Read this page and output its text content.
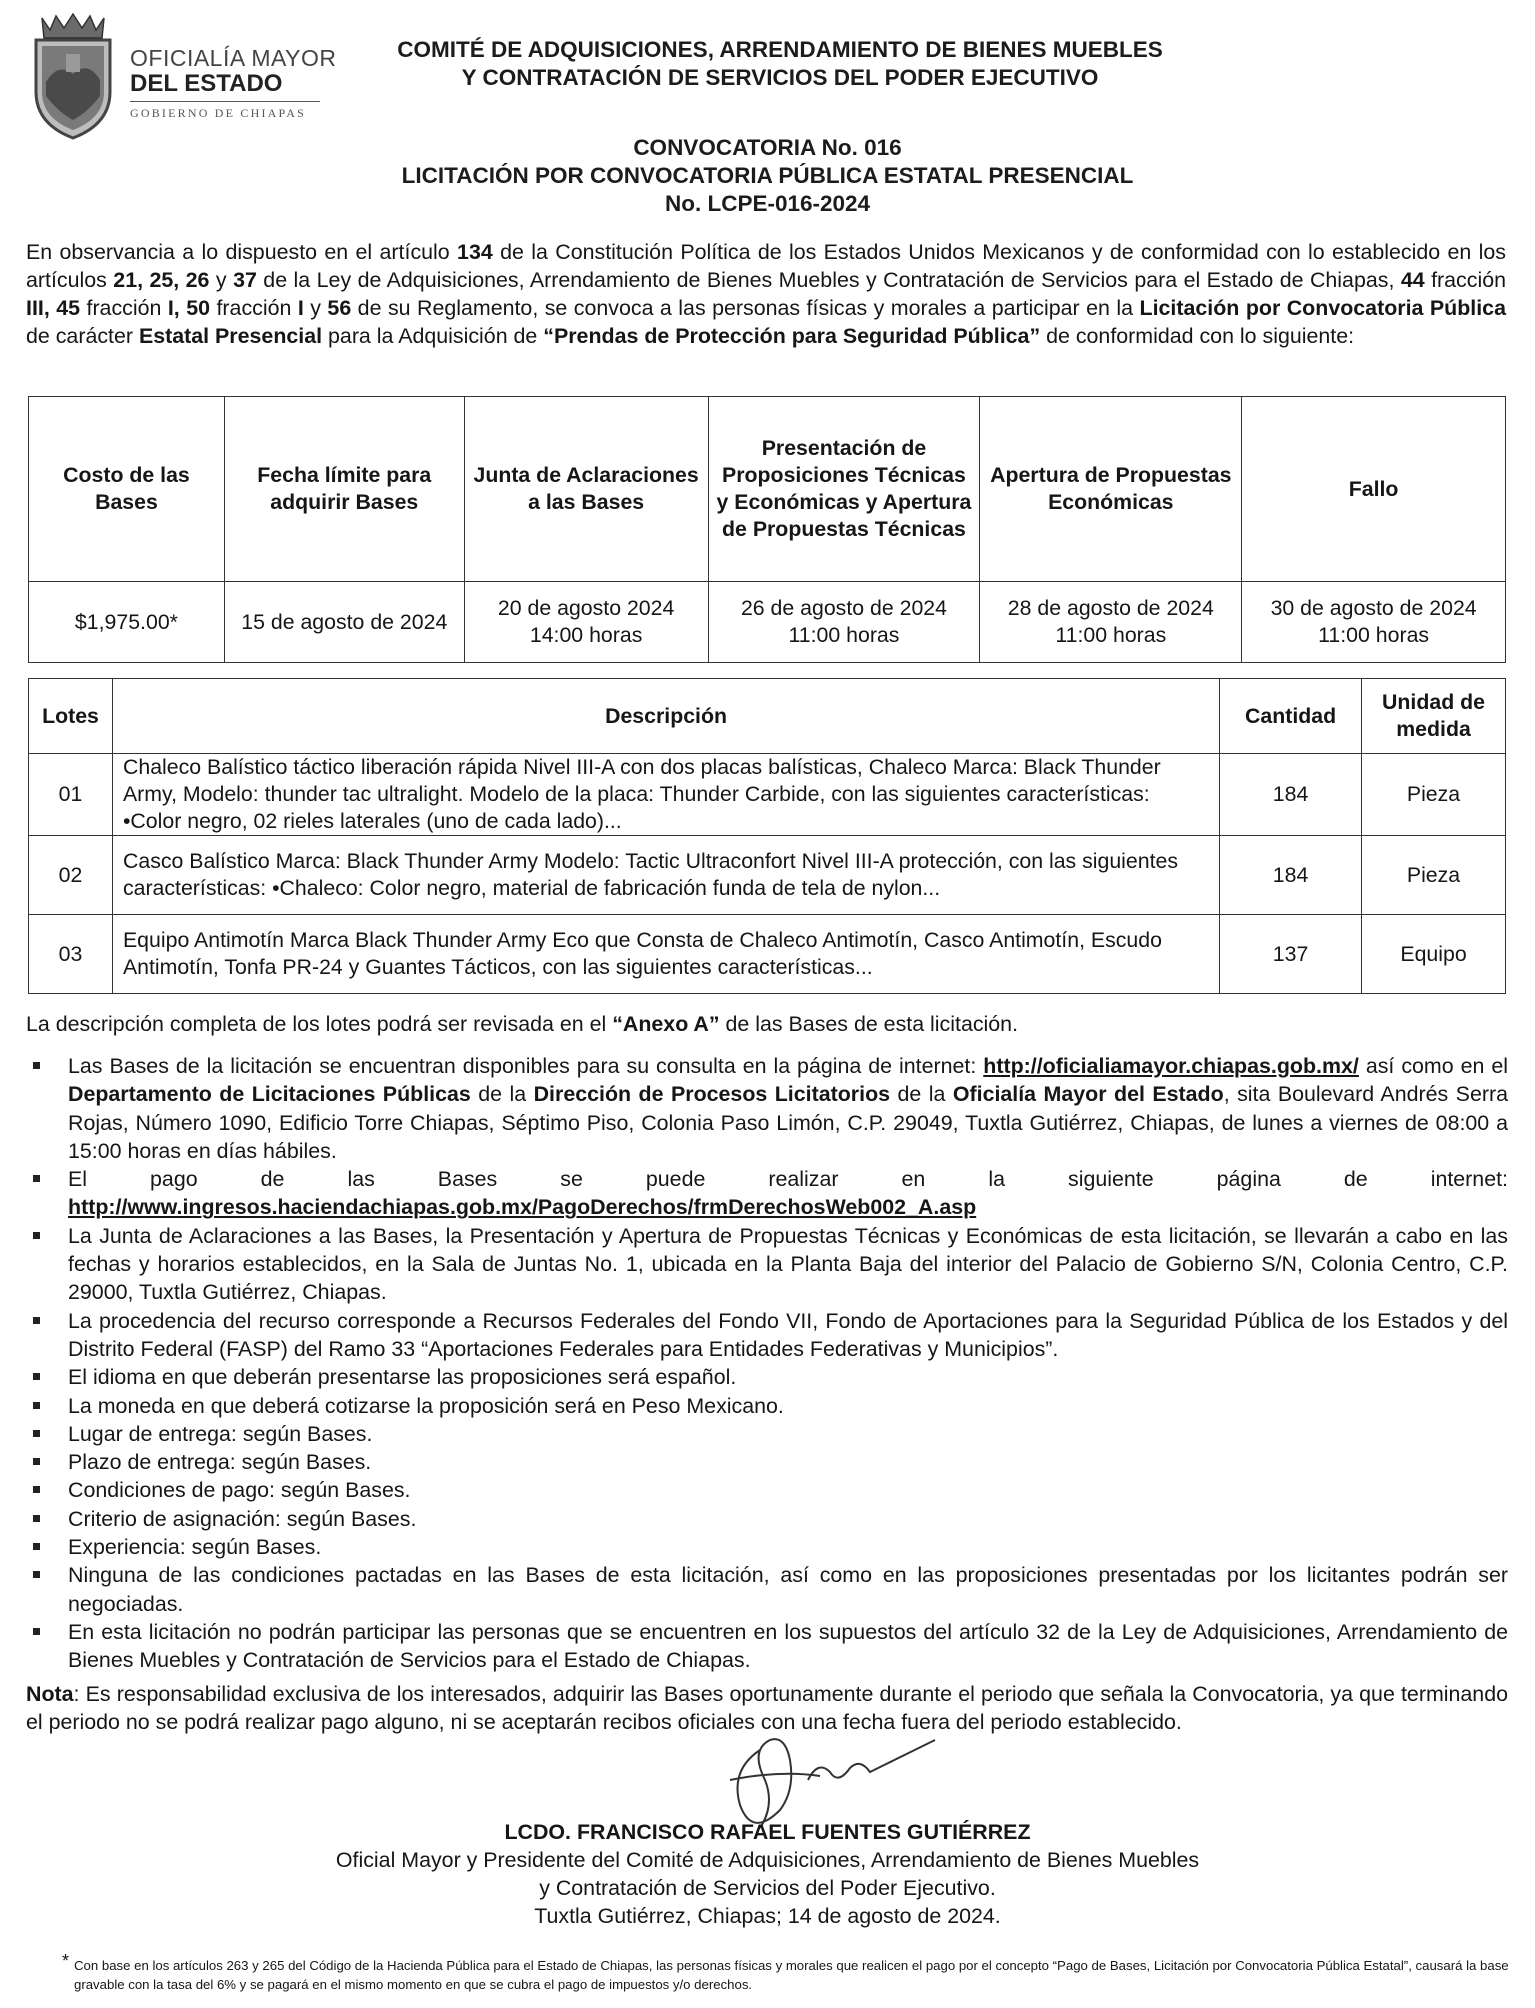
OFICIALÍA MAYOR
DEL ESTADO
GOBIERNO DE CHIAPAS
COMITÉ DE ADQUISICIONES, ARRENDAMIENTO DE BIENES MUEBLES
Y CONTRATACIÓN DE SERVICIOS DEL PODER EJECUTIVO
CONVOCATORIA No. 016
LICITACIÓN POR CONVOCATORIA PÚBLICA ESTATAL PRESENCIAL
No. LCPE-016-2024
En observancia a lo dispuesto en el artículo 134 de la Constitución Política de los Estados Unidos Mexicanos y de conformidad con lo establecido en los artículos 21, 25, 26 y 37 de la Ley de Adquisiciones, Arrendamiento de Bienes Muebles y Contratación de Servicios para el Estado de Chiapas, 44 fracción III, 45 fracción I, 50 fracción I y 56 de su Reglamento, se convoca a las personas físicas y morales a participar en la Licitación por Convocatoria Pública de carácter Estatal Presencial para la Adquisición de “Prendas de Protección para Seguridad Pública” de conformidad con lo siguiente:
Costo de las Bases	Fecha límite para adquirir Bases	Junta de Aclaraciones a las Bases	Presentación de Proposiciones Técnicas y Económicas y Apertura de Propuestas Técnicas	Apertura de Propuestas Económicas	Fallo
$1,975.00*	15 de agosto de 2024	20 de agosto 2024 14:00 horas	26 de agosto de 2024 11:00 horas	28 de agosto de 2024 11:00 horas	30 de agosto de 2024 11:00 horas
Lotes	Descripción	Cantidad	Unidad de medida
01	Chaleco Balístico táctico liberación rápida Nivel III-A con dos placas balísticas, Chaleco Marca: Black Thunder Army, Modelo: thunder tac ultralight. Modelo de la placa: Thunder Carbide, con las siguientes características: •Color negro, 02 rieles laterales (uno de cada lado)...	184	Pieza
02	Casco Balístico Marca: Black Thunder Army Modelo: Tactic Ultraconfort Nivel III-A protección, con las siguientes características: •Chaleco: Color negro, material de fabricación funda de tela de nylon...	184	Pieza
03	Equipo Antimotín Marca Black Thunder Army Eco que Consta de Chaleco Antimotín, Casco Antimotín, Escudo Antimotín, Tonfa PR-24 y Guantes Tácticos, con las siguientes características...	137	Equipo
La descripción completa de los lotes podrá ser revisada en el “Anexo A” de las Bases de esta licitación.
Las Bases de la licitación se encuentran disponibles para su consulta en la página de internet: http://oficialiamayor.chiapas.gob.mx/ así como en el Departamento de Licitaciones Públicas de la Dirección de Procesos Licitatorios de la Oficialía Mayor del Estado, sita Boulevard Andrés Serra Rojas, Número 1090, Edificio Torre Chiapas, Séptimo Piso, Colonia Paso Limón, C.P. 29049, Tuxtla Gutiérrez, Chiapas, de lunes a viernes de 08:00 a 15:00 horas en días hábiles.
El pago de las Bases se puede realizar en la siguiente página de internet: http://www.ingresos.haciendachiapas.gob.mx/PagoDerechos/frmDerechosWeb002_A.asp
La Junta de Aclaraciones a las Bases, la Presentación y Apertura de Propuestas Técnicas y Económicas de esta licitación, se llevarán a cabo en las fechas y horarios establecidos, en la Sala de Juntas No. 1, ubicada en la Planta Baja del interior del Palacio de Gobierno S/N, Colonia Centro, C.P. 29000, Tuxtla Gutiérrez, Chiapas.
La procedencia del recurso corresponde a Recursos Federales del Fondo VII, Fondo de Aportaciones para la Seguridad Pública de los Estados y del Distrito Federal (FASP) del Ramo 33 “Aportaciones Federales para Entidades Federativas y Municipios”.
El idioma en que deberán presentarse las proposiciones será español.
La moneda en que deberá cotizarse la proposición será en Peso Mexicano.
Lugar de entrega: según Bases.
Plazo de entrega: según Bases.
Condiciones de pago: según Bases.
Criterio de asignación: según Bases.
Experiencia: según Bases.
Ninguna de las condiciones pactadas en las Bases de esta licitación, así como en las proposiciones presentadas por los licitantes podrán ser negociadas.
En esta licitación no podrán participar las personas que se encuentren en los supuestos del artículo 32 de la Ley de Adquisiciones, Arrendamiento de Bienes Muebles y Contratación de Servicios para el Estado de Chiapas.
Nota: Es responsabilidad exclusiva de los interesados, adquirir las Bases oportunamente durante el periodo que señala la Convocatoria, ya que terminando el periodo no se podrá realizar pago alguno, ni se aceptarán recibos oficiales con una fecha fuera del periodo establecido.
LCDO. FRANCISCO RAFAEL FUENTES GUTIÉRREZ
Oficial Mayor y Presidente del Comité de Adquisiciones, Arrendamiento de Bienes Muebles
y Contratación de Servicios del Poder Ejecutivo.
Tuxtla Gutiérrez, Chiapas; 14 de agosto de 2024.
* Con base en los artículos 263 y 265 del Código de la Hacienda Pública para el Estado de Chiapas, las personas físicas y morales que realicen el pago por el concepto “Pago de Bases, Licitación por Convocatoria Pública Estatal”, causará la base gravable con la tasa del 6% y se pagará en el mismo momento en que se cubra el pago de impuestos y/o derechos.
